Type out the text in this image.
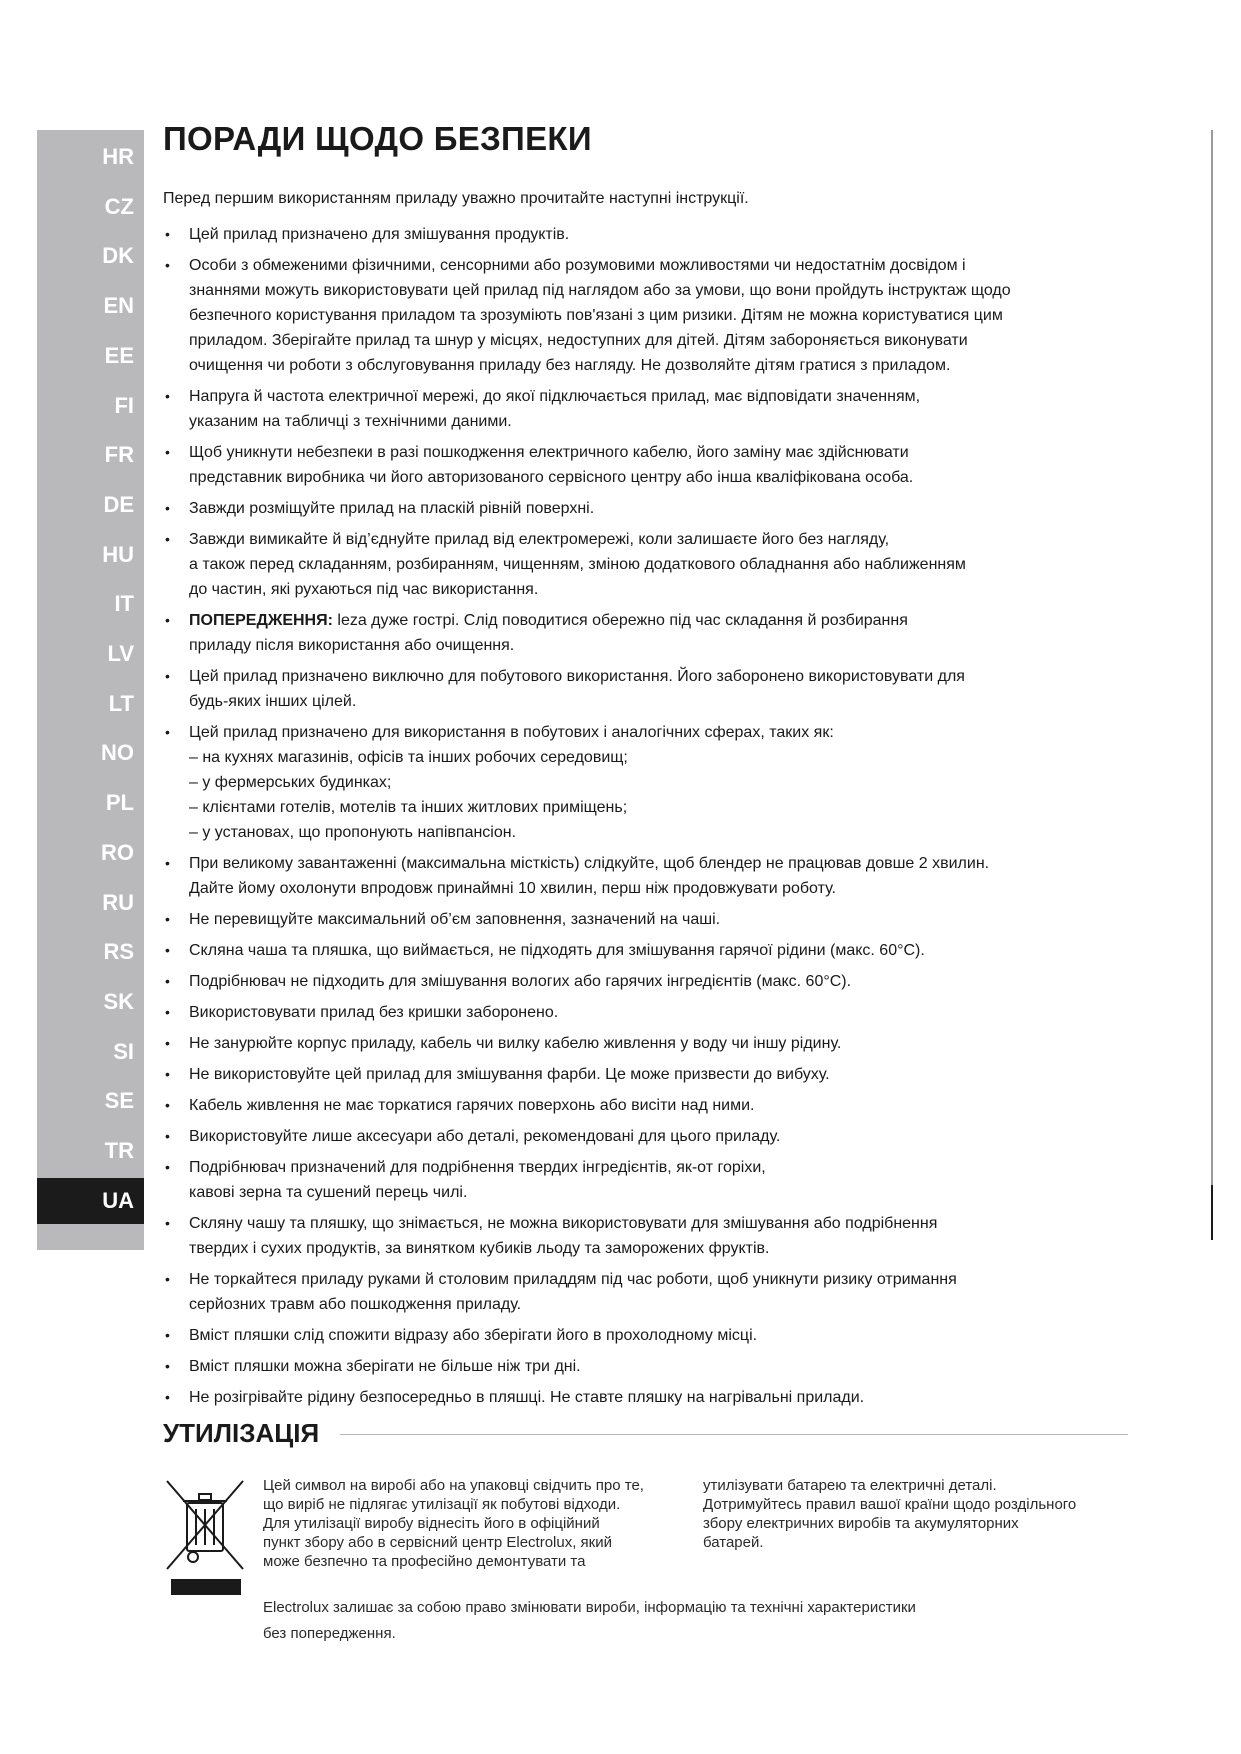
HR
CZ
DK
EN
EE
FI
FR
DE
HU
IT
LV
LT
NO
PL
RO
RU
RS
SK
SI
SE
TR
UA
ПОРАДИ ЩОДО БЕЗПЕКИ

Перед першим використанням приладу уважно прочитайте наступні інструкції.

• Цей прилад призначено для змішування продуктів.
• Особи з обмеженими фізичними, сенсорними або розумовими можливостями чи недостатнім досвідом і
знаннями можуть використовувати цей прилад під наглядом або за умови, що вони пройдуть інструктаж щодо
безпечного користування приладом та зрозуміють пов'язані з цим ризики. Дітям не можна користуватися цим
приладом. Зберігайте прилад та шнур у місцях, недоступних для дітей. Дітям забороняється виконувати
очищення чи роботи з обслуговування приладу без нагляду. Не дозволяйте дітям гратися з приладом.
• Напруга й частота електричної мережі, до якої підключається прилад, має відповідати значенням,
указаним на табличці з технічними даними.
• Щоб уникнути небезпеки в разі пошкодження електричного кабелю, його заміну має здійснювати
представник виробника чи його авторизованого сервісного центру або інша кваліфікована особа.
• Завжди розміщуйте прилад на пласкій рівній поверхні.
• Завжди вимикайте й від’єднуйте прилад від електромережі, коли залишаєте його без нагляду,
а також перед складанням, розбиранням, чищенням, зміною додаткового обладнання або наближенням
до частин, які рухаються під час використання.
• ПОПЕРЕДЖЕННЯ: leza дуже гострі. Слід поводитися обережно під час складання й розбирання
приладу після використання або очищення.
• Цей прилад призначено виключно для побутового використання. Його заборонено використовувати для
будь-яких інших цілей.
• Цей прилад призначено для використання в побутових і аналогічних сферах, таких як:
– на кухнях магазинів, офісів та інших робочих середовищ;
– у фермерських будинках;
– клієнтами готелів, мотелів та інших житлових приміщень;
– у установах, що пропонують напівпансіон.
• При великому завантаженні (максимальна місткість) слідкуйте, щоб блендер не працював довше 2 хвилин.
Дайте йому охолонути впродовж принаймні 10 хвилин, перш ніж продовжувати роботу.
• Не перевищуйте максимальний об’єм заповнення, зазначений на чаші.
• Скляна чаша та пляшка, що виймається, не підходять для змішування гарячої рідини (макс. 60°C).
• Подрібнювач не підходить для змішування вологих або гарячих інгредієнтів (макс. 60°C).
• Використовувати прилад без кришки заборонено.
• Не занурюйте корпус приладу, кабель чи вилку кабелю живлення у воду чи іншу рідину.
• Не використовуйте цей прилад для змішування фарби. Це може призвести до вибуху.
• Кабель живлення не має торкатися гарячих поверхонь або висіти над ними.
• Використовуйте лише аксесуари або деталі, рекомендовані для цього приладу.
• Подрібнювач призначений для подрібнення твердих інгредієнтів, як-от горіхи,
кавові зерна та сушений перець чилі.
• Скляну чашу та пляшку, що знімається, не можна використовувати для змішування або подрібнення
твердих і сухих продуктів, за винятком кубиків льоду та заморожених фруктів.
• Не торкайтеся приладу руками й столовим приладдям під час роботи, щоб уникнути ризику отримання
серйозних травм або пошкодження приладу.
• Вміст пляшки слід спожити відразу або зберігати його в прохолодному місці.
• Вміст пляшки можна зберігати не більше ніж три дні.
• Не розігрівайте рідину безпосередньо в пляшці. Не ставте пляшку на нагрівальні прилади.
УТИЛІЗАЦІЯ
Цей символ на виробі або на упаковці свідчить про те,
що виріб не підлягає утилізації як побутові відходи.
Для утилізації виробу віднесіть його в офіційний
пункт збору або в сервісний центр Electrolux, який
може безпечно та професійно демонтувати та
утилізувати батарею та електричні деталі.
Дотримуйтесь правил вашої країни щодо роздільного
збору електричних виробів та акумуляторних
батарей.
Electrolux залишає за собою право змінювати вироби, інформацію та технічні характеристики
без попередження.
